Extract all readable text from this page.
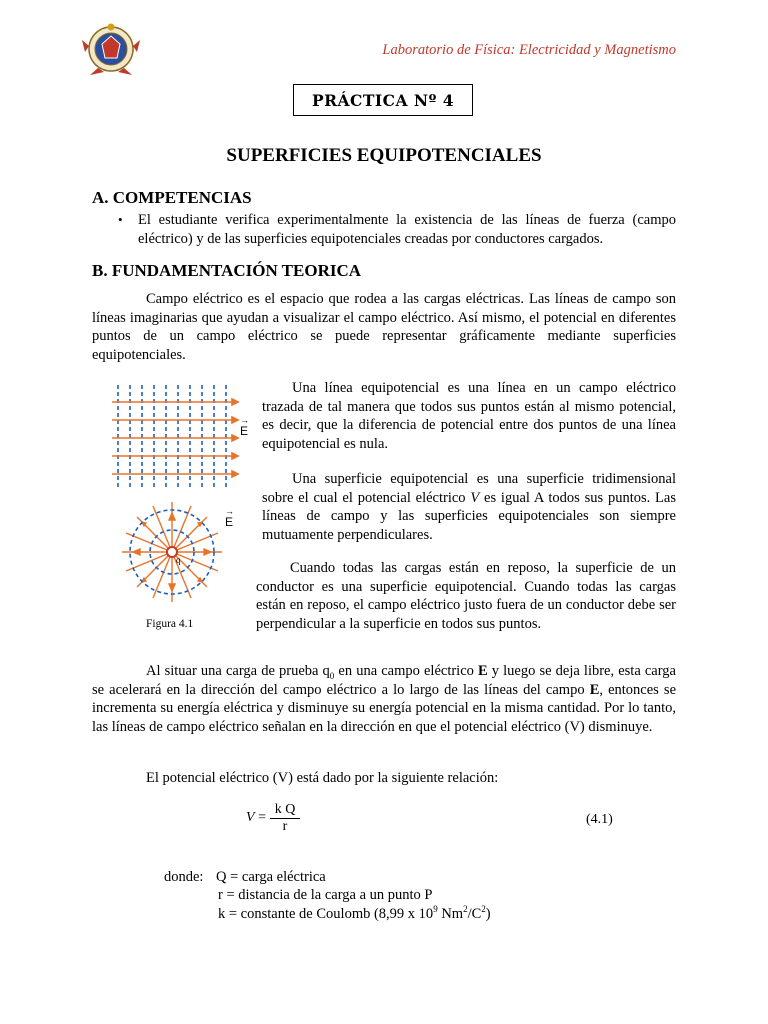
Laboratorio de Física: Electricidad y Magnetismo
PRÁCTICA Nº 4
SUPERFICIES EQUIPOTENCIALES
A. COMPETENCIAS
• El estudiante verifica experimentalmente la existencia de las líneas de fuerza (campo eléctrico) y de las superficies equipotenciales creadas por conductores cargados.
B. FUNDAMENTACIÓN TEORICA
Campo eléctrico es el espacio que rodea a las cargas eléctricas. Las líneas de campo son líneas imaginarias que ayudan a visualizar el campo eléctrico. Así mismo, el potencial en diferentes puntos de un campo eléctrico se puede representar gráficamente mediante superficies equipotenciales.
q
→
E
→
E
Figura 4.1
Una línea equipotencial es una línea en un campo eléctrico trazada de tal manera que todos sus puntos están al mismo potencial, es decir, que la diferencia de potencial entre dos puntos de una línea equipotencial es nula.
Una superficie equipotencial es una superficie tridimensional sobre el cual el potencial eléctrico V es igual A todos sus puntos. Las líneas de campo y las superficies equipotenciales son siempre mutuamente perpendiculares.
Cuando todas las cargas están en reposo, la superficie de un conductor es una superficie equipotencial. Cuando todas las cargas están en reposo, el campo eléctrico justo fuera de un conductor debe ser perpendicular a la superficie en todos sus puntos.
Al situar una carga de prueba $q_0$ en una campo eléctrico E y luego se deja libre, esta carga se acelerará en la dirección del campo eléctrico a lo largo de las líneas del campo E, entonces se incrementa su energía eléctrica y disminuye su energía potencial en la misma cantidad. Por lo tanto, las líneas de campo eléctrico señalan en la dirección en que el potencial eléctrico (V) disminuye.
El potencial eléctrico (V) está dado por la siguiente relación:
$V = \frac{\text{k Q}}{r}$	(4.1)
donde: Q = carga eléctrica
r = distancia de la carga a un punto P
k = constante de Coulomb (8,99 x $10^9$ $Nm^2/C^2$)
